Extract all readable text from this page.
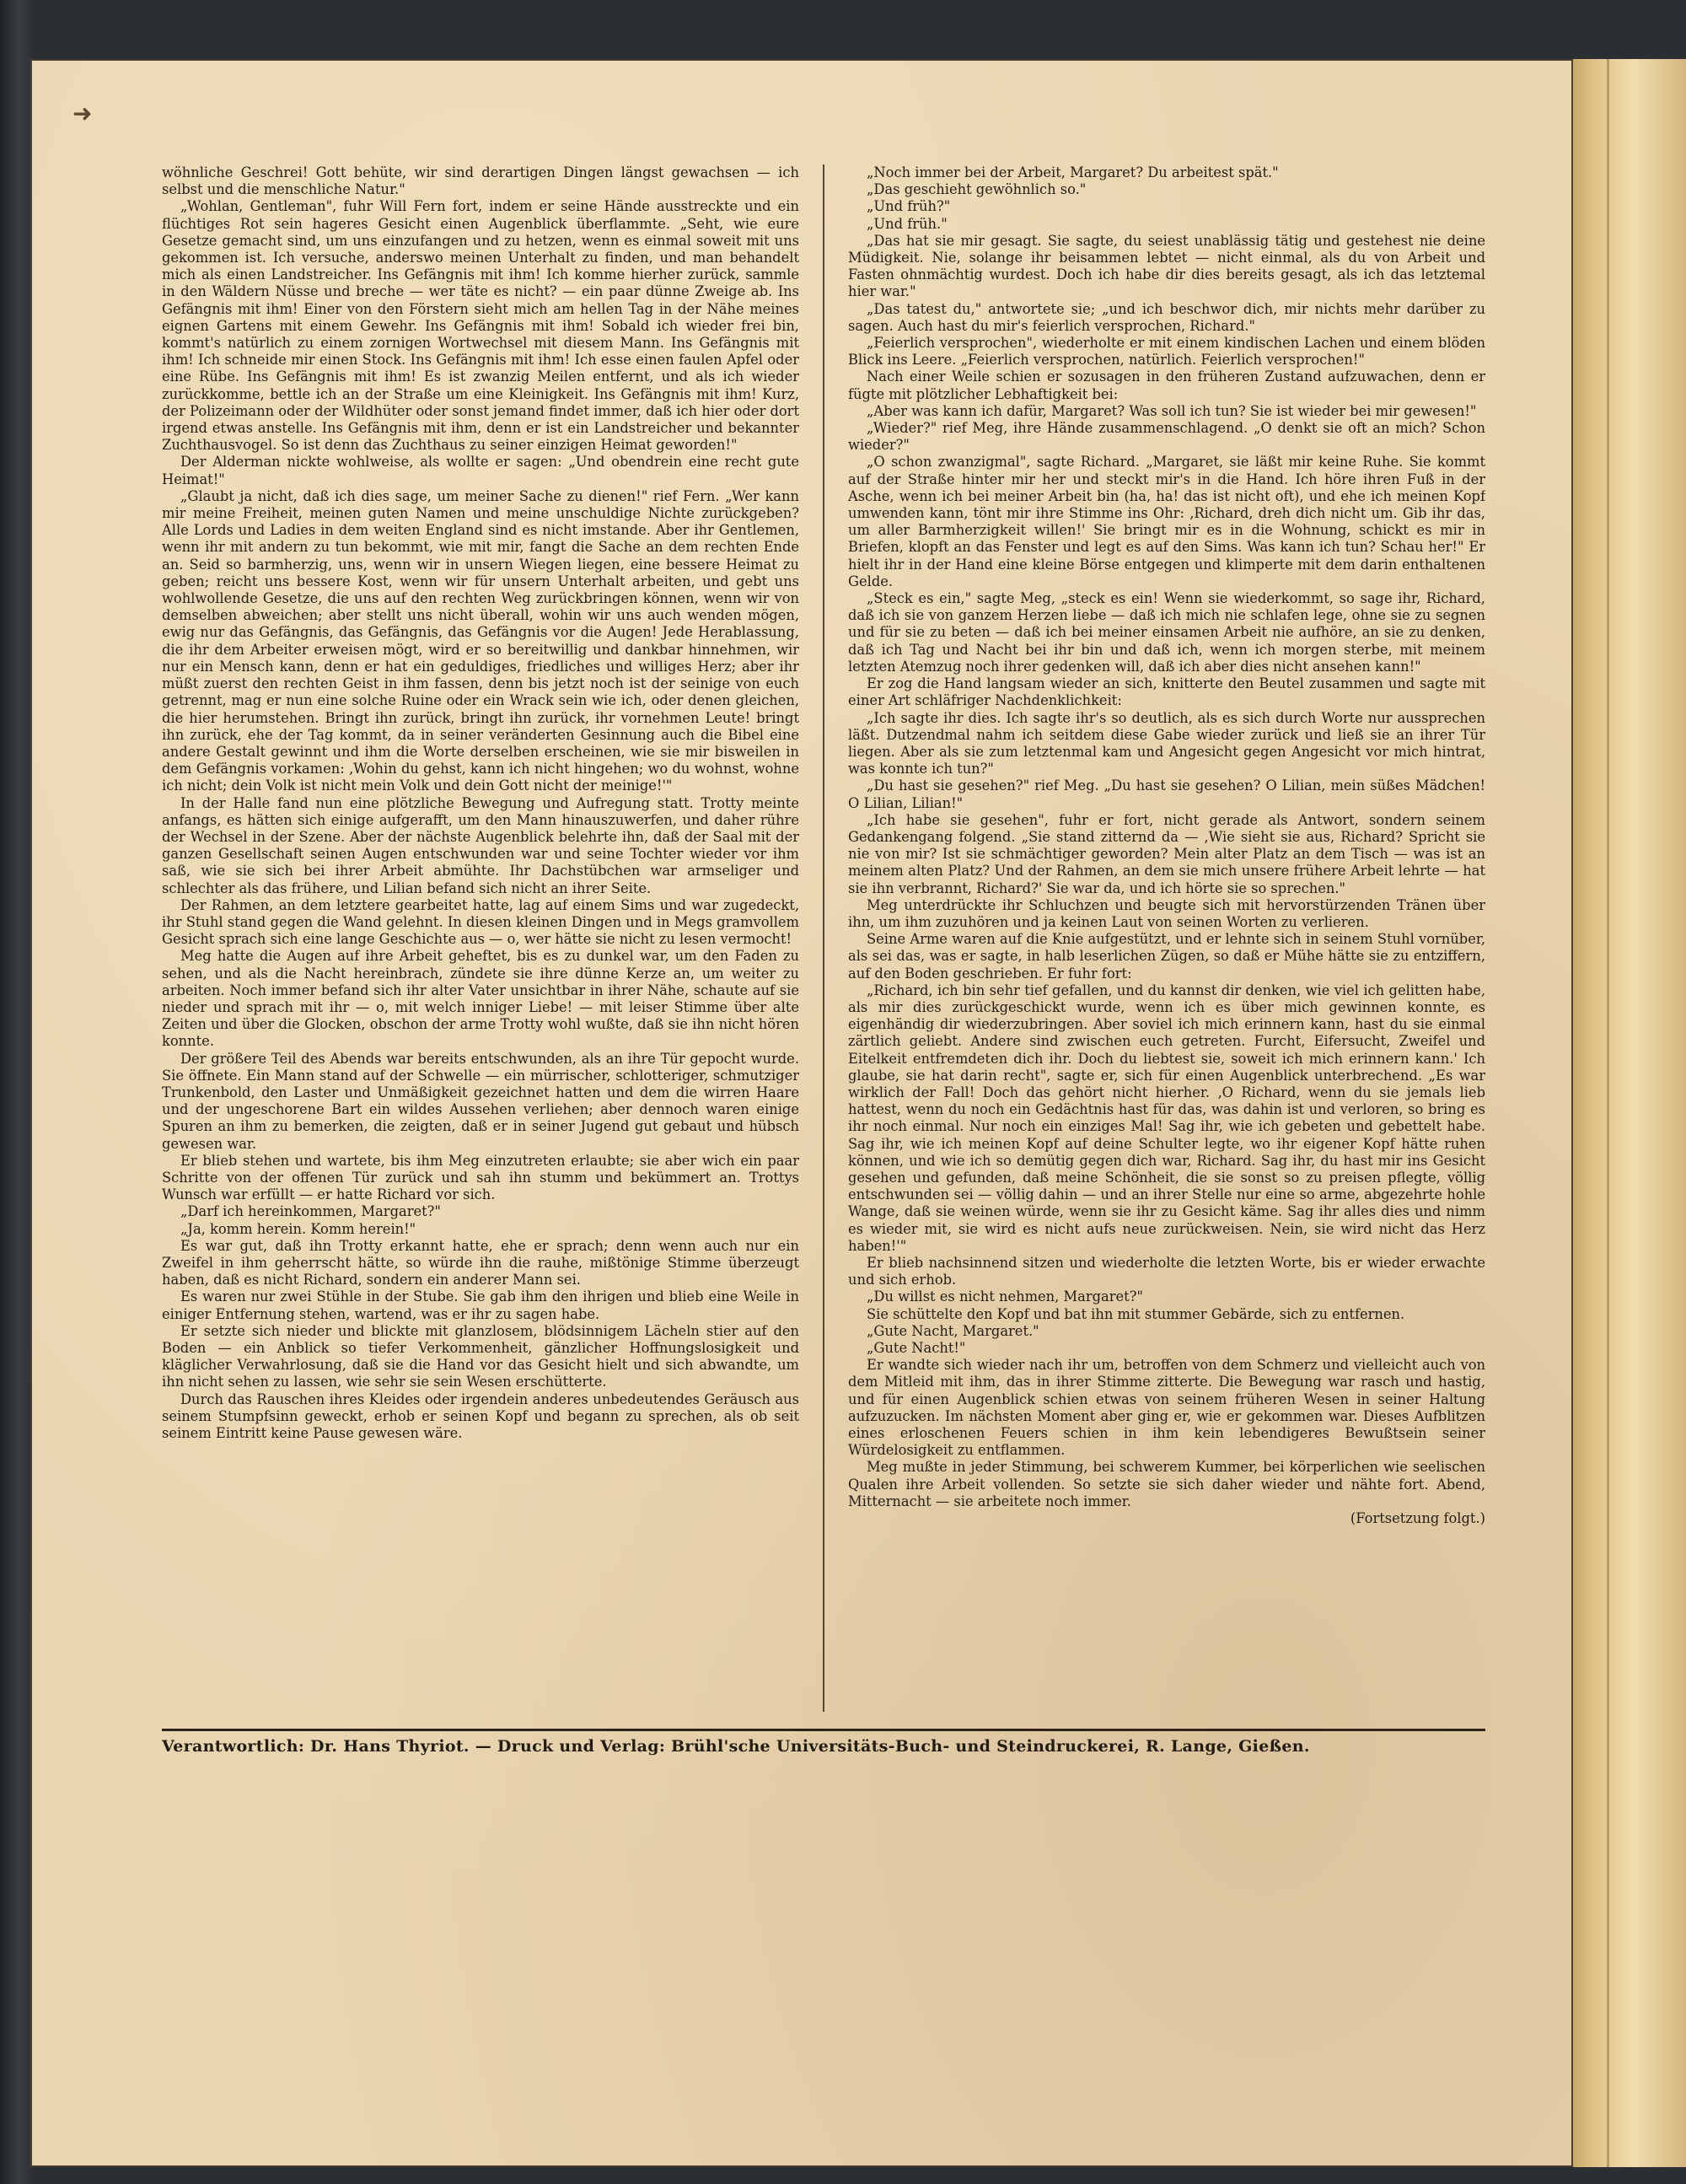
➜

wöhnliche Geschrei! Gott behüte, wir sind derartigen Dingen längst gewachsen — ich selbst und die menschliche Natur."

„Wohlan, Gentleman", fuhr Will Fern fort, indem er seine Hände ausstreckte und ein flüchtiges Rot sein hageres Gesicht einen Augenblick überflammte. „Seht, wie eure Gesetze gemacht sind, um uns einzufangen und zu hetzen, wenn es einmal soweit mit uns gekommen ist. Ich versuche, anderswo meinen Unterhalt zu finden, und man behandelt mich als einen Landstreicher. Ins Gefängnis mit ihm! Ich komme hierher zurück, sammle in den Wäldern Nüsse und breche — wer täte es nicht? — ein paar dünne Zweige ab. Ins Gefängnis mit ihm! Einer von den Förstern sieht mich am hellen Tag in der Nähe meines eignen Gartens mit einem Gewehr. Ins Gefängnis mit ihm! Sobald ich wieder frei bin, kommt's natürlich zu einem zornigen Wortwechsel mit diesem Mann. Ins Gefängnis mit ihm! Ich schneide mir einen Stock. Ins Gefängnis mit ihm! Ich esse einen faulen Apfel oder eine Rübe. Ins Gefängnis mit ihm! Es ist zwanzig Meilen entfernt, und als ich wieder zurückkomme, bettle ich an der Straße um eine Kleinigkeit. Ins Gefängnis mit ihm! Kurz, der Polizeimann oder der Wildhüter oder sonst jemand findet immer, daß ich hier oder dort irgend etwas anstelle. Ins Gefängnis mit ihm, denn er ist ein Landstreicher und bekannter Zuchthausvogel. So ist denn das Zuchthaus zu seiner einzigen Heimat geworden!"

Der Alderman nickte wohlweise, als wollte er sagen: „Und obendrein eine recht gute Heimat!"

„Glaubt ja nicht, daß ich dies sage, um meiner Sache zu dienen!" rief Fern. „Wer kann mir meine Freiheit, meinen guten Namen und meine unschuldige Nichte zurückgeben? Alle Lords und Ladies in dem weiten England sind es nicht imstande. Aber ihr Gentlemen, wenn ihr mit andern zu tun bekommt, wie mit mir, fangt die Sache an dem rechten Ende an. Seid so barmherzig, uns, wenn wir in unsern Wiegen liegen, eine bessere Heimat zu geben; reicht uns bessere Kost, wenn wir für unsern Unterhalt arbeiten, und gebt uns wohlwollende Gesetze, die uns auf den rechten Weg zurückbringen können, wenn wir von demselben abweichen; aber stellt uns nicht überall, wohin wir uns auch wenden mögen, ewig nur das Gefängnis, das Gefängnis, das Gefängnis vor die Augen! Jede Herablassung, die ihr dem Arbeiter erweisen mögt, wird er so bereitwillig und dankbar hinnehmen, wir nur ein Mensch kann, denn er hat ein geduldiges, friedliches und williges Herz; aber ihr müßt zuerst den rechten Geist in ihm fassen, denn bis jetzt noch ist der seinige von euch getrennt, mag er nun eine solche Ruine oder ein Wrack sein wie ich, oder denen gleichen, die hier herumstehen. Bringt ihn zurück, bringt ihn zurück, ihr vornehmen Leute! bringt ihn zurück, ehe der Tag kommt, da in seiner veränderten Gesinnung auch die Bibel eine andere Gestalt gewinnt und ihm die Worte derselben erscheinen, wie sie mir bisweilen in dem Gefängnis vorkamen: ‚Wohin du gehst, kann ich nicht hingehen; wo du wohnst, wohne ich nicht; dein Volk ist nicht mein Volk und dein Gott nicht der meinige!'"

In der Halle fand nun eine plötzliche Bewegung und Aufregung statt. Trotty meinte anfangs, es hätten sich einige aufgerafft, um den Mann hinauszuwerfen, und daher rühre der Wechsel in der Szene. Aber der nächste Augenblick belehrte ihn, daß der Saal mit der ganzen Gesellschaft seinen Augen entschwunden war und seine Tochter wieder vor ihm saß, wie sie sich bei ihrer Arbeit abmühte. Ihr Dachstübchen war armseliger und schlechter als das frühere, und Lilian befand sich nicht an ihrer Seite.

Der Rahmen, an dem letztere gearbeitet hatte, lag auf einem Sims und war zugedeckt, ihr Stuhl stand gegen die Wand gelehnt. In diesen kleinen Dingen und in Megs gramvollem Gesicht sprach sich eine lange Geschichte aus — o, wer hätte sie nicht zu lesen vermocht!

Meg hatte die Augen auf ihre Arbeit geheftet, bis es zu dunkel war, um den Faden zu sehen, und als die Nacht hereinbrach, zündete sie ihre dünne Kerze an, um weiter zu arbeiten. Noch immer befand sich ihr alter Vater unsichtbar in ihrer Nähe, schaute auf sie nieder und sprach mit ihr — o, mit welch inniger Liebe! — mit leiser Stimme über alte Zeiten und über die Glocken, obschon der arme Trotty wohl wußte, daß sie ihn nicht hören konnte.

Der größere Teil des Abends war bereits entschwunden, als an ihre Tür gepocht wurde. Sie öffnete. Ein Mann stand auf der Schwelle — ein mürrischer, schlotteriger, schmutziger Trunkenbold, den Laster und Unmäßigkeit gezeichnet hatten und dem die wirren Haare und der ungeschorene Bart ein wildes Aussehen verliehen; aber dennoch waren einige Spuren an ihm zu bemerken, die zeigten, daß er in seiner Jugend gut gebaut und hübsch gewesen war.

Er blieb stehen und wartete, bis ihm Meg einzutreten erlaubte; sie aber wich ein paar Schritte von der offenen Tür zurück und sah ihn stumm und bekümmert an. Trottys Wunsch war erfüllt — er hatte Richard vor sich.

„Darf ich hereinkommen, Margaret?"

„Ja, komm herein. Komm herein!"

Es war gut, daß ihn Trotty erkannt hatte, ehe er sprach; denn wenn auch nur ein Zweifel in ihm geherrscht hätte, so würde ihn die rauhe, mißtönige Stimme überzeugt haben, daß es nicht Richard, sondern ein anderer Mann sei.

Es waren nur zwei Stühle in der Stube. Sie gab ihm den ihrigen und blieb eine Weile in einiger Entfernung stehen, wartend, was er ihr zu sagen habe.

Er setzte sich nieder und blickte mit glanzlosem, blödsinnigem Lächeln stier auf den Boden — ein Anblick so tiefer Verkommenheit, gänzlicher Hoffnungslosigkeit und kläglicher Verwahrlosung, daß sie die Hand vor das Gesicht hielt und sich abwandte, um ihn nicht sehen zu lassen, wie sehr sie sein Wesen erschütterte.

Durch das Rauschen ihres Kleides oder irgendein anderes unbedeutendes Geräusch aus seinem Stumpfsinn geweckt, erhob er seinen Kopf und begann zu sprechen, als ob seit seinem Eintritt keine Pause gewesen wäre.

„Noch immer bei der Arbeit, Margaret? Du arbeitest spät."

„Das geschieht gewöhnlich so."

„Und früh?"

„Und früh."

„Das hat sie mir gesagt. Sie sagte, du seiest unablässig tätig und gestehest nie deine Müdigkeit. Nie, solange ihr beisammen lebtet — nicht einmal, als du von Arbeit und Fasten ohnmächtig wurdest. Doch ich habe dir dies bereits gesagt, als ich das letztemal hier war."

„Das tatest du," antwortete sie; „und ich beschwor dich, mir nichts mehr darüber zu sagen. Auch hast du mir's feierlich versprochen, Richard."

„Feierlich versprochen", wiederholte er mit einem kindischen Lachen und einem blöden Blick ins Leere. „Feierlich versprochen, natürlich. Feierlich versprochen!"

Nach einer Weile schien er sozusagen in den früheren Zustand aufzuwachen, denn er fügte mit plötzlicher Lebhaftigkeit bei:

„Aber was kann ich dafür, Margaret? Was soll ich tun? Sie ist wieder bei mir gewesen!"

„Wieder?" rief Meg, ihre Hände zusammenschlagend. „O denkt sie oft an mich? Schon wieder?"

„O schon zwanzigmal", sagte Richard. „Margaret, sie läßt mir keine Ruhe. Sie kommt auf der Straße hinter mir her und steckt mir's in die Hand. Ich höre ihren Fuß in der Asche, wenn ich bei meiner Arbeit bin (ha, ha! das ist nicht oft), und ehe ich meinen Kopf umwenden kann, tönt mir ihre Stimme ins Ohr: ‚Richard, dreh dich nicht um. Gib ihr das, um aller Barmherzigkeit willen!' Sie bringt mir es in die Wohnung, schickt es mir in Briefen, klopft an das Fenster und legt es auf den Sims. Was kann ich tun? Schau her!" Er hielt ihr in der Hand eine kleine Börse entgegen und klimperte mit dem darin enthaltenen Gelde.

„Steck es ein," sagte Meg, „steck es ein! Wenn sie wiederkommt, so sage ihr, Richard, daß ich sie von ganzem Herzen liebe — daß ich mich nie schlafen lege, ohne sie zu segnen und für sie zu beten — daß ich bei meiner einsamen Arbeit nie aufhöre, an sie zu denken, daß ich Tag und Nacht bei ihr bin und daß ich, wenn ich morgen sterbe, mit meinem letzten Atemzug noch ihrer gedenken will, daß ich aber dies nicht ansehen kann!"

Er zog die Hand langsam wieder an sich, knitterte den Beutel zusammen und sagte mit einer Art schläfriger Nachdenklichkeit:

„Ich sagte ihr dies. Ich sagte ihr's so deutlich, als es sich durch Worte nur aussprechen läßt. Dutzendmal nahm ich seitdem diese Gabe wieder zurück und ließ sie an ihrer Tür liegen. Aber als sie zum letztenmal kam und Angesicht gegen Angesicht vor mich hintrat, was konnte ich tun?"

„Du hast sie gesehen?" rief Meg. „Du hast sie gesehen? O Lilian, mein süßes Mädchen! O Lilian, Lilian!"

„Ich habe sie gesehen", fuhr er fort, nicht gerade als Antwort, sondern seinem Gedankengang folgend. „Sie stand zitternd da — ‚Wie sieht sie aus, Richard? Spricht sie nie von mir? Ist sie schmächtiger geworden? Mein alter Platz an dem Tisch — was ist an meinem alten Platz? Und der Rahmen, an dem sie mich unsere frühere Arbeit lehrte — hat sie ihn verbrannt, Richard?' Sie war da, und ich hörte sie so sprechen."

Meg unterdrückte ihr Schluchzen und beugte sich mit hervorstürzenden Tränen über ihn, um ihm zuzuhören und ja keinen Laut von seinen Worten zu verlieren.

Seine Arme waren auf die Knie aufgestützt, und er lehnte sich in seinem Stuhl vornüber, als sei das, was er sagte, in halb leserlichen Zügen, so daß er Mühe hätte sie zu entziffern, auf den Boden geschrieben. Er fuhr fort:

„Richard, ich bin sehr tief gefallen, und du kannst dir denken, wie viel ich gelitten habe, als mir dies zurückgeschickt wurde, wenn ich es über mich gewinnen konnte, es eigenhändig dir wiederzubringen. Aber soviel ich mich erinnern kann, hast du sie einmal zärtlich geliebt. Andere sind zwischen euch getreten. Furcht, Eifersucht, Zweifel und Eitelkeit entfremdeten dich ihr. Doch du liebtest sie, soweit ich mich erinnern kann.' Ich glaube, sie hat darin recht", sagte er, sich für einen Augenblick unterbrechend. „Es war wirklich der Fall! Doch das gehört nicht hierher. ‚O Richard, wenn du sie jemals lieb hattest, wenn du noch ein Gedächtnis hast für das, was dahin ist und verloren, so bring es ihr noch einmal. Nur noch ein einziges Mal! Sag ihr, wie ich gebeten und gebettelt habe. Sag ihr, wie ich meinen Kopf auf deine Schulter legte, wo ihr eigener Kopf hätte ruhen können, und wie ich so demütig gegen dich war, Richard. Sag ihr, du hast mir ins Gesicht gesehen und gefunden, daß meine Schönheit, die sie sonst so zu preisen pflegte, völlig entschwunden sei — völlig dahin — und an ihrer Stelle nur eine so arme, abgezehrte hohle Wange, daß sie weinen würde, wenn sie ihr zu Gesicht käme. Sag ihr alles dies und nimm es wieder mit, sie wird es nicht aufs neue zurückweisen. Nein, sie wird nicht das Herz haben!'"

Er blieb nachsinnend sitzen und wiederholte die letzten Worte, bis er wieder erwachte und sich erhob.

„Du willst es nicht nehmen, Margaret?"

Sie schüttelte den Kopf und bat ihn mit stummer Gebärde, sich zu entfernen.

„Gute Nacht, Margaret."

„Gute Nacht!"

Er wandte sich wieder nach ihr um, betroffen von dem Schmerz und vielleicht auch von dem Mitleid mit ihm, das in ihrer Stimme zitterte. Die Bewegung war rasch und hastig, und für einen Augenblick schien etwas von seinem früheren Wesen in seiner Haltung aufzuzucken. Im nächsten Moment aber ging er, wie er gekommen war. Dieses Aufblitzen eines erloschenen Feuers schien in ihm kein lebendigeres Bewußtsein seiner Würdelosigkeit zu entflammen.

Meg mußte in jeder Stimmung, bei schwerem Kummer, bei körperlichen wie seelischen Qualen ihre Arbeit vollenden. So setzte sie sich daher wieder und nähte fort. Abend, Mitternacht — sie arbeitete noch immer.

(Fortsetzung folgt.)

Verantwortlich: Dr. Hans Thyriot. — Druck und Verlag: Brühl'sche Universitäts-Buch- und Steindruckerei, R. Lange, Gießen.
